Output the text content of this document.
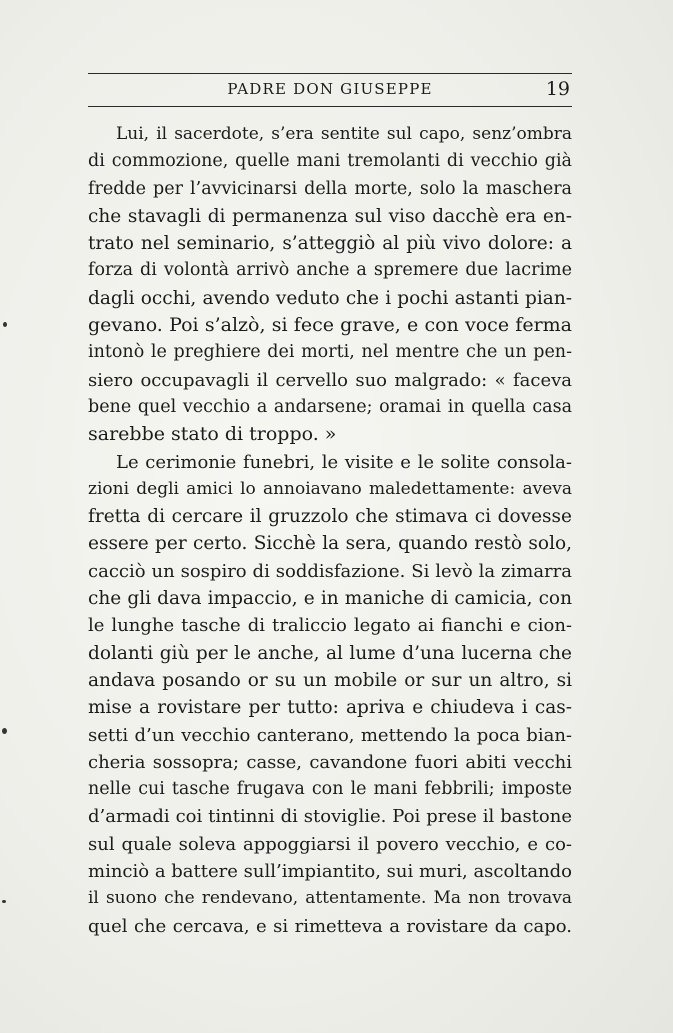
PADRE DON GIUSEPPE	19
Lui, il sacerdote, s’era sentite sul capo, senz’ombra
di commozione, quelle mani tremolanti di vecchio già
fredde per l’avvicinarsi della morte, solo la maschera
che stavagli di permanenza sul viso dacchè era en-
trato nel seminario, s’atteggiò al più vivo dolore: a
forza di volontà arrivò anche a spremere due lacrime
dagli occhi, avendo veduto che i pochi astanti pian-
gevano. Poi s’alzò, si fece grave, e con voce ferma
intonò le preghiere dei morti, nel mentre che un pen-
siero occupavagli il cervello suo malgrado: « faceva
bene quel vecchio a andarsene; oramai in quella casa
sarebbe stato di troppo. »
Le cerimonie funebri, le visite e le solite consola-
zioni degli amici lo annoiavano maledettamente: aveva
fretta di cercare il gruzzolo che stimava ci dovesse
essere per certo. Sicchè la sera, quando restò solo,
cacciò un sospiro di soddisfazione. Si levò la zimarra
che gli dava impaccio, e in maniche di camicia, con
le lunghe tasche di traliccio legato ai fianchi e cion-
dolanti giù per le anche, al lume d’una lucerna che
andava posando or su un mobile or sur un altro, si
mise a rovistare per tutto: apriva e chiudeva i cas-
setti d’un vecchio canterano, mettendo la poca bian-
cheria sossopra; casse, cavandone fuori abiti vecchi
nelle cui tasche frugava con le mani febbrili; imposte
d’armadi coi tintinni di stoviglie. Poi prese il bastone
sul quale soleva appoggiarsi il povero vecchio, e co-
minciò a battere sull’impiantito, sui muri, ascoltando
il suono che rendevano, attentamente. Ma non trovava
quel che cercava, e si rimetteva a rovistare da capo.
